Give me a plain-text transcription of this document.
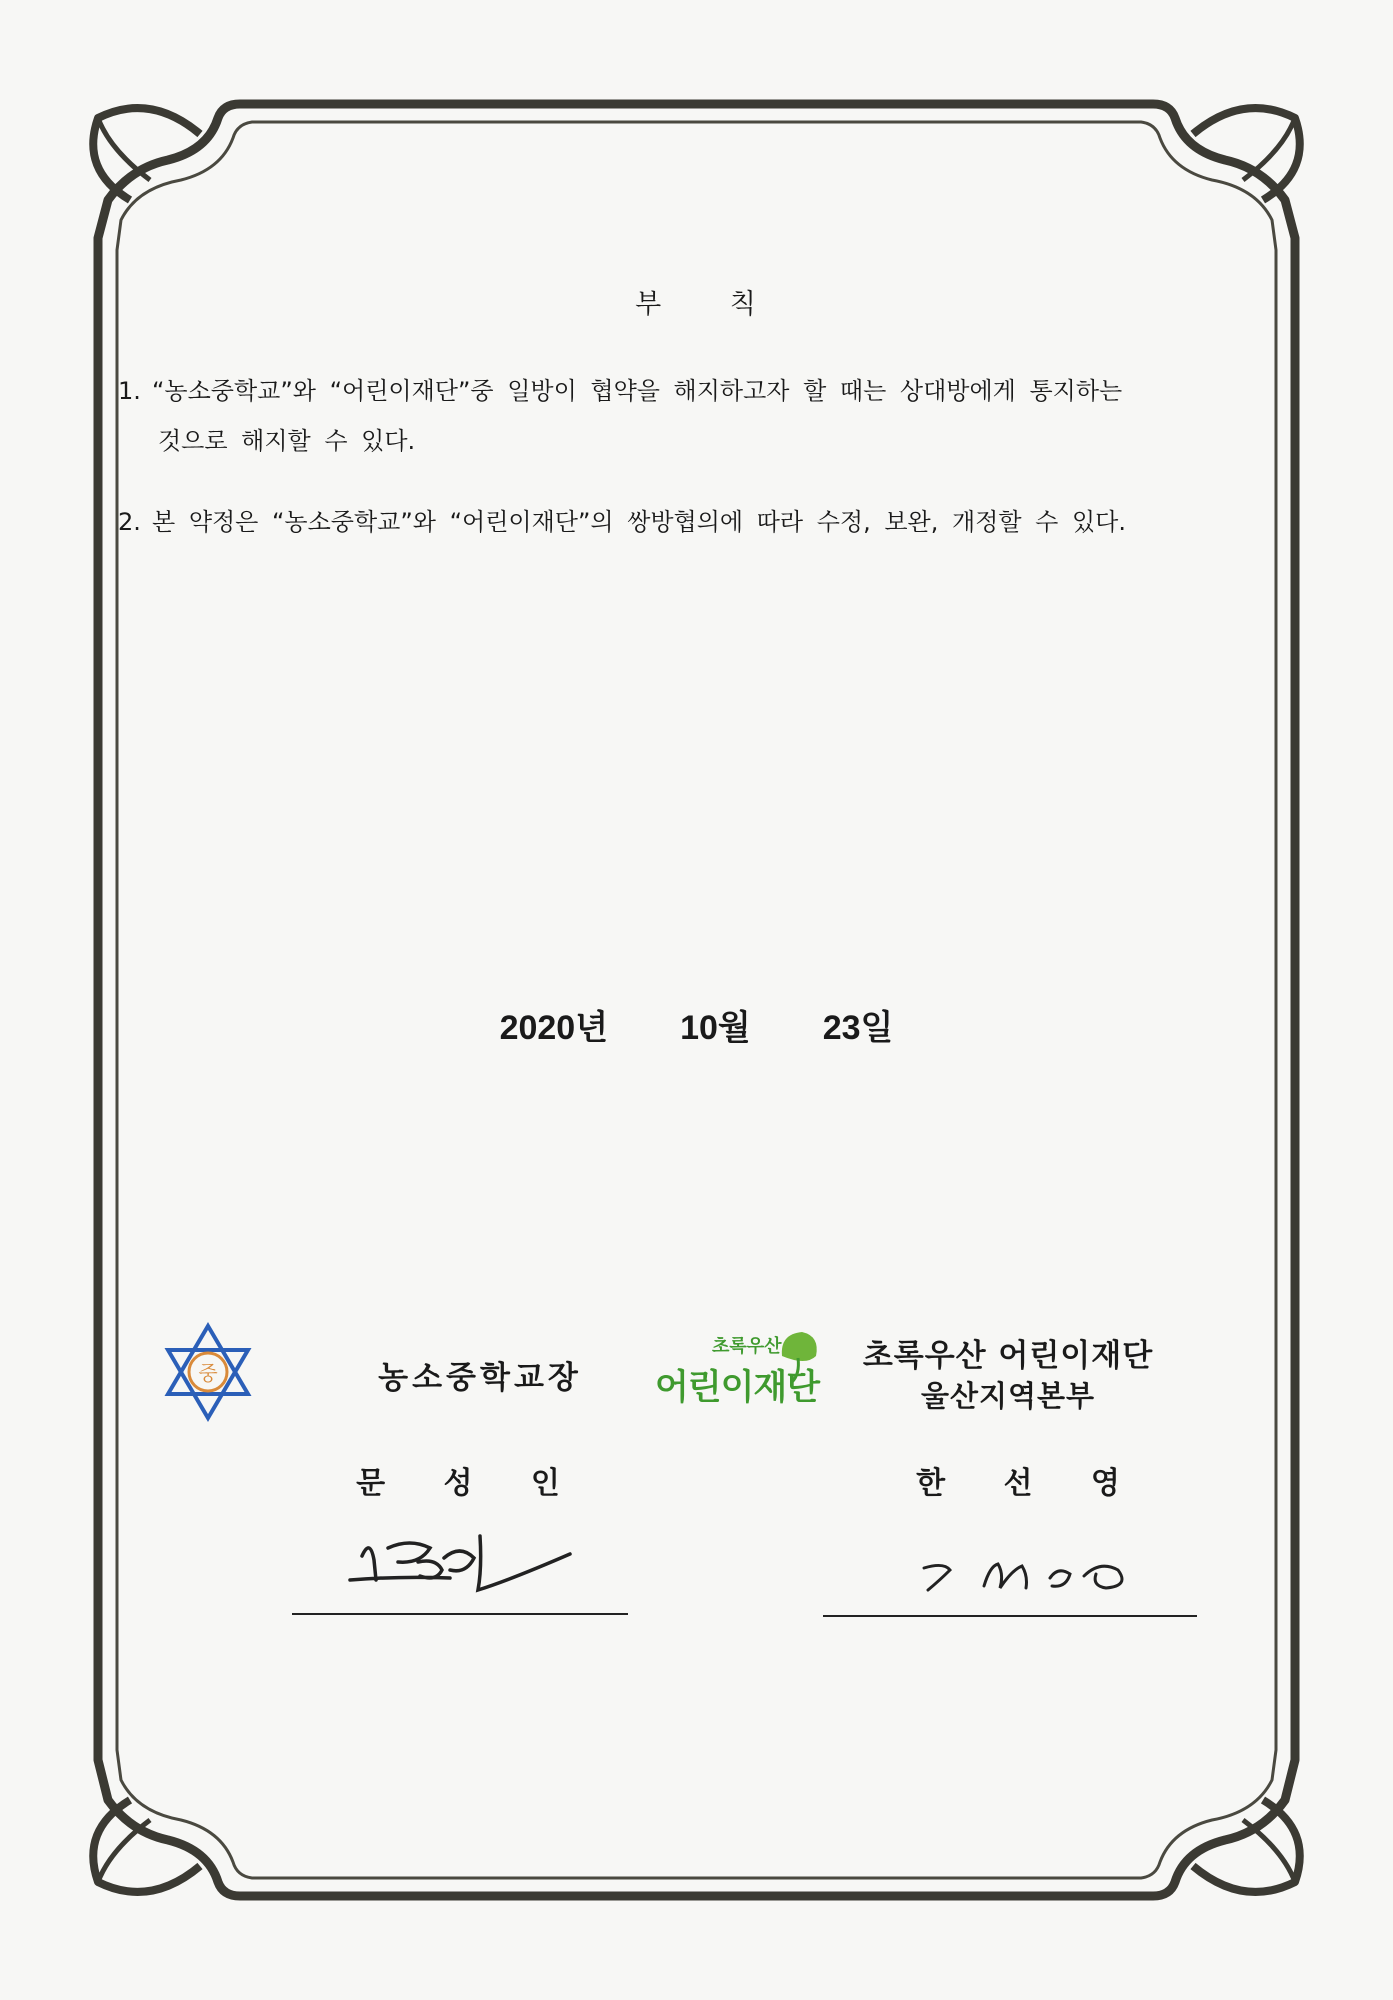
부 칙
1. “농소중학교”와 “어린이재단”중 일방이 협약을 해지하고자 할 때는 상대방에게 통지하는
것으로 해지할 수 있다.
2. 본 약정은 “농소중학교”와 “어린이재단”의 쌍방협의에 따라 수정, 보완, 개정할 수 있다.
2020년 10월 23일
중	농소중학교장
문 성 인
초록우산
어린이재단
초록우산 어린이재단
울산지역본부
한 선 영
